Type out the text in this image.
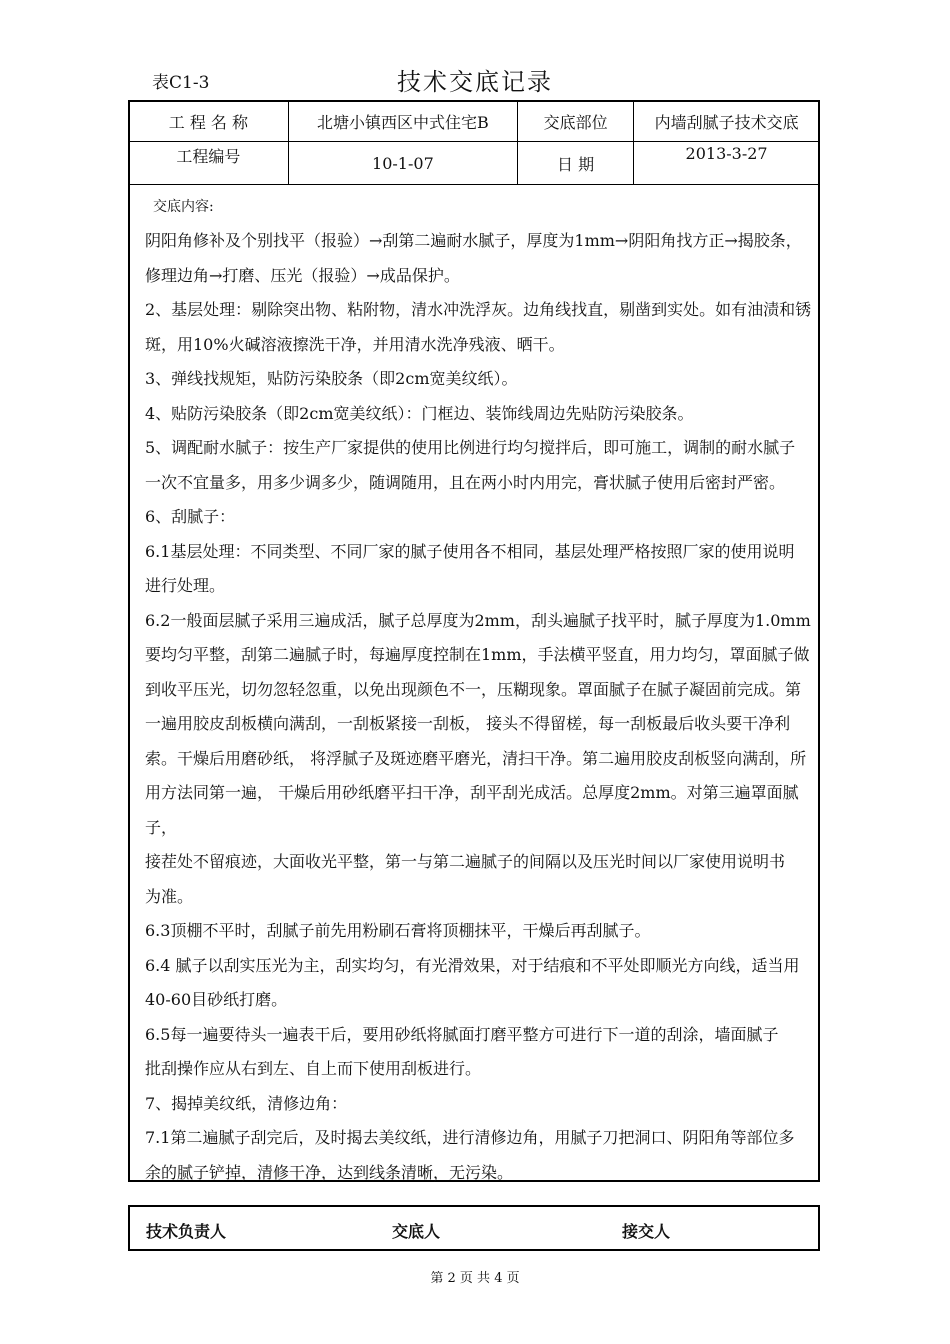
表C1-3	技术交底记录
工 程 名 称	北塘小镇西区中式住宅B	交底部位	内墙刮腻子技术交底
工程编号	10-1-07	日 期	2013-3-27
交底内容:
阴阳角修补及个别找平（报验）→刮第二遍耐水腻子，厚度为1mm→阴阳角找方正→揭胶条，
修理边角→打磨、压光（报验）→成品保护。
2、基层处理：剔除突出物、粘附物，清水冲洗浮灰。边角线找直，剔凿到实处。如有油渍和锈
斑，用10%火碱溶液擦洗干净，并用清水洗净残液、晒干。
3、弹线找规矩，贴防污染胶条（即2cm宽美纹纸）。
4、贴防污染胶条（即2cm宽美纹纸）：门框边、装饰线周边先贴防污染胶条。
5、调配耐水腻子：按生产厂家提供的使用比例进行均匀搅拌后，即可施工，调制的耐水腻子
一次不宜量多，用多少调多少，随调随用，且在两小时内用完，膏状腻子使用后密封严密。
6、刮腻子：
6.1基层处理：不同类型、不同厂家的腻子使用各不相同，基层处理严格按照厂家的使用说明
进行处理。
6.2一般面层腻子采用三遍成活，腻子总厚度为2mm，刮头遍腻子找平时，腻子厚度为1.0mm
要均匀平整，刮第二遍腻子时，每遍厚度控制在1mm，手法横平竖直，用力均匀，罩面腻子做
到收平压光，切勿忽轻忽重，以免出现颜色不一，压糊现象。罩面腻子在腻子凝固前完成。第
一遍用胶皮刮板横向满刮，一刮板紧接一刮板， 接头不得留槎，每一刮板最后收头要干净利
索。干燥后用磨砂纸， 将浮腻子及斑迹磨平磨光，清扫干净。第二遍用胶皮刮板竖向满刮，所
用方法同第一遍， 干燥后用砂纸磨平扫干净，刮平刮光成活。总厚度2mm。对第三遍罩面腻子，
接茬处不留痕迹，大面收光平整，第一与第二遍腻子的间隔以及压光时间以厂家使用说明书
为准。
6.3顶棚不平时，刮腻子前先用粉刷石膏将顶棚抹平，干燥后再刮腻子。
6.4 腻子以刮实压光为主，刮实均匀，有光滑效果，对于结痕和不平处即顺光方向线，适当用
40-60目砂纸打磨。
6.5每一遍要待头一遍表干后，要用砂纸将腻面打磨平整方可进行下一道的刮涂，墙面腻子
批刮操作应从右到左、自上而下使用刮板进行。
7、揭掉美纹纸，清修边角：
7.1第二遍腻子刮完后，及时揭去美纹纸，进行清修边角，用腻子刀把洞口、阴阳角等部位多
余的腻子铲掉，清修干净，达到线条清晰，无污染。
技术负责人	交底人	接交人
第 2 页 共 4 页
